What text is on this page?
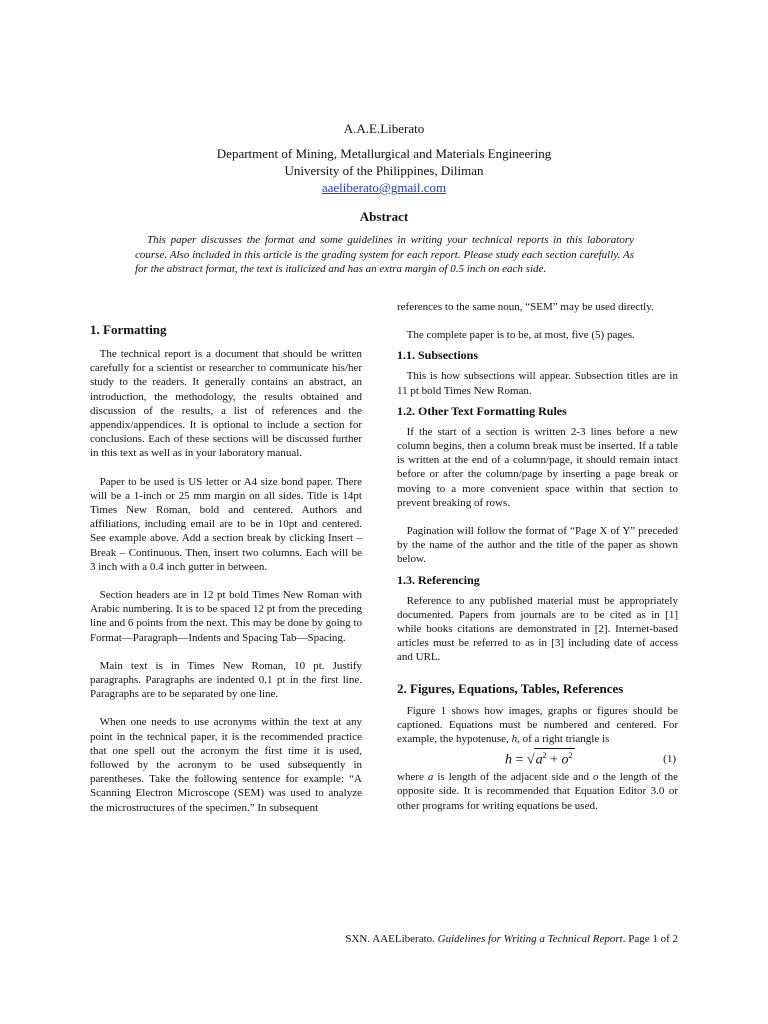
A.A.E.Liberato
Department of Mining, Metallurgical and Materials Engineering
University of the Philippines, Diliman
aaeliberato@gmail.com
Abstract
This paper discusses the format and some guidelines in writing your technical reports in this laboratory course. Also included in this article is the grading system for each report. Please study each section carefully. As for the abstract format, the text is italicized and has an extra margin of 0.5 inch on each side.
1. Formatting

The technical report is a document that should be written carefully for a scientist or researcher to communicate his/her study to the readers. It generally contains an abstract, an introduction, the methodology, the results obtained and discussion of the results, a list of references and the appendix/appendices. It is optional to include a section for conclusions. Each of these sections will be discussed further in this text as well as in your laboratory manual.

Paper to be used is US letter or A4 size bond paper. There will be a 1-inch or 25 mm margin on all sides. Title is 14pt Times New Roman, bold and centered. Authors and affiliations, including email are to be in 10pt and centered. See example above. Add a section break by clicking Insert – Break – Continuous. Then, insert two columns. Each will be 3 inch with a 0.4 inch gutter in between.

Section headers are in 12 pt bold Times New Roman with Arabic numbering. It is to be spaced 12 pt from the preceding line and 6 points from the next. This may be done by going to Format—Paragraph—Indents and Spacing Tab—Spacing.

Main text is in Times New Roman, 10 pt. Justify paragraphs. Paragraphs are indented 0.1 pt in the first line. Paragraphs are to be separated by one line.

When one needs to use acronyms within the text at any point in the technical paper, it is the recommended practice that one spell out the acronym the first time it is used, followed by the acronym to be used subsequently in parentheses. Take the following sentence for example: “A Scanning Electron Microscope (SEM) was used to analyze the microstructures of the specimen.” In subsequent

references to the same noun, “SEM” may be used directly.

The complete paper is to be, at most, five (5) pages.

1.1. Subsections

This is how subsections will appear. Subsection titles are in 11 pt bold Times New Roman.

1.2. Other Text Formatting Rules

If the start of a section is written 2-3 lines before a new column begins, then a column break must be inserted. If a table is written at the end of a column/page, it should remain intact before or after the column/page by inserting a page break or moving to a more convenient space within that section to prevent breaking of rows.

Pagination will follow the format of “Page X of Y” preceded by the name of the author and the title of the paper as shown below.

1.3. Referencing

Reference to any published material must be appropriately documented. Papers from journals are to be cited as in [1] while books citations are demonstrated in [2]. Internet-based articles must be referred to as in [3] including date of access and URL.

2. Figures, Equations, Tables, References

Figure 1 shows how images, graphs or figures should be captioned. Equations must be numbered and centered. For example, the hypotenuse, h, of a right triangle is

$h = √a^2 + o^2$	(1)

where a is length of the adjacent side and o the length of the opposite side. It is recommended that Equation Editor 3.0 or other programs for writing equations be used.

SXN. AAELiberato. Guidelines for Writing a Technical Report. Page 1 of 2
